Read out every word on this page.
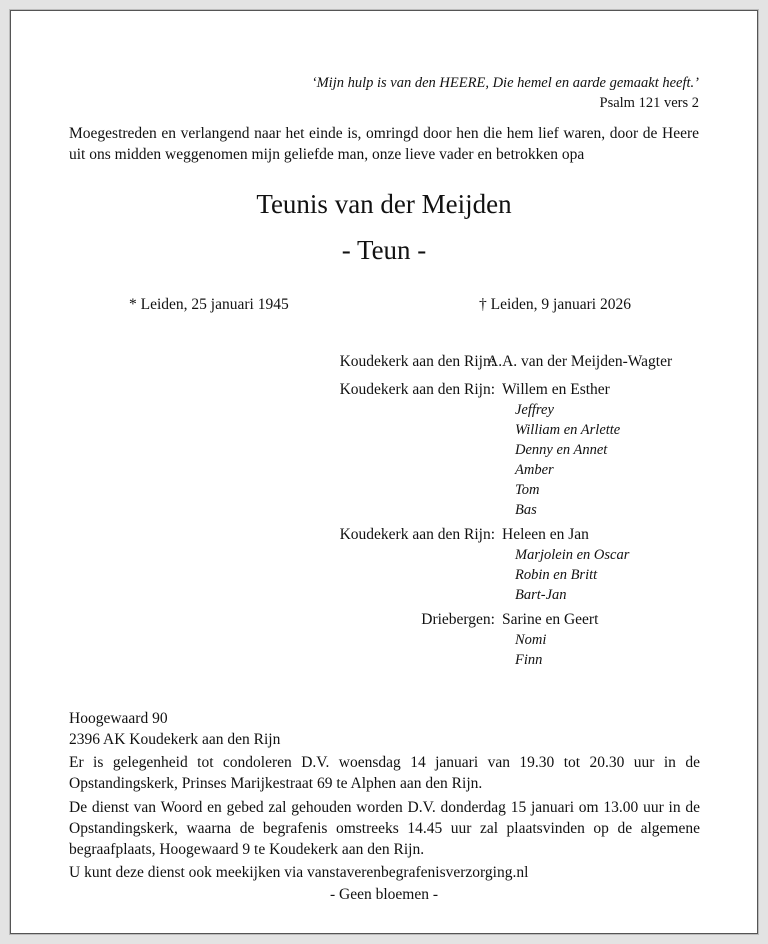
‘Mijn hulp is van den HEERE, Die hemel en aarde gemaakt heeft.’
Psalm 121 vers 2
Moegestreden en verlangend naar het einde is, omringd door hen die hem lief waren, door de Heere uit ons midden weggenomen mijn geliefde man, onze lieve vader en betrokken opa
Teunis van der Meijden
- Teun -
* Leiden, 25 januari 1945	† Leiden, 9 januari 2026
Koudekerk aan den Rijn:
A.A. van der Meijden-Wagter
Koudekerk aan den Rijn: Willem en Esther
Jeffrey
William en Arlette
Denny en Annet
Amber
Tom
Bas
Koudekerk aan den Rijn: Heleen en Jan
Marjolein en Oscar
Robin en Britt
Bart-Jan
Driebergen: Sarine en Geert
Nomi
Finn
Hoogewaard 90
2396 AK Koudekerk aan den Rijn
Er is gelegenheid tot condoleren D.V. woensdag 14 januari van 19.30 tot 20.30 uur in de Opstandingskerk, Prinses Marijkestraat 69 te Alphen aan den Rijn.
De dienst van Woord en gebed zal gehouden worden D.V. donderdag 15 januari om 13.00 uur in de Opstandingskerk, waarna de begrafenis omstreeks 14.45 uur zal plaatsvinden op de algemene begraafplaats, Hoogewaard 9 te Koudekerk aan den Rijn.
U kunt deze dienst ook meekijken via vanstaverenbegrafenisverzorging.nl
- Geen bloemen -
